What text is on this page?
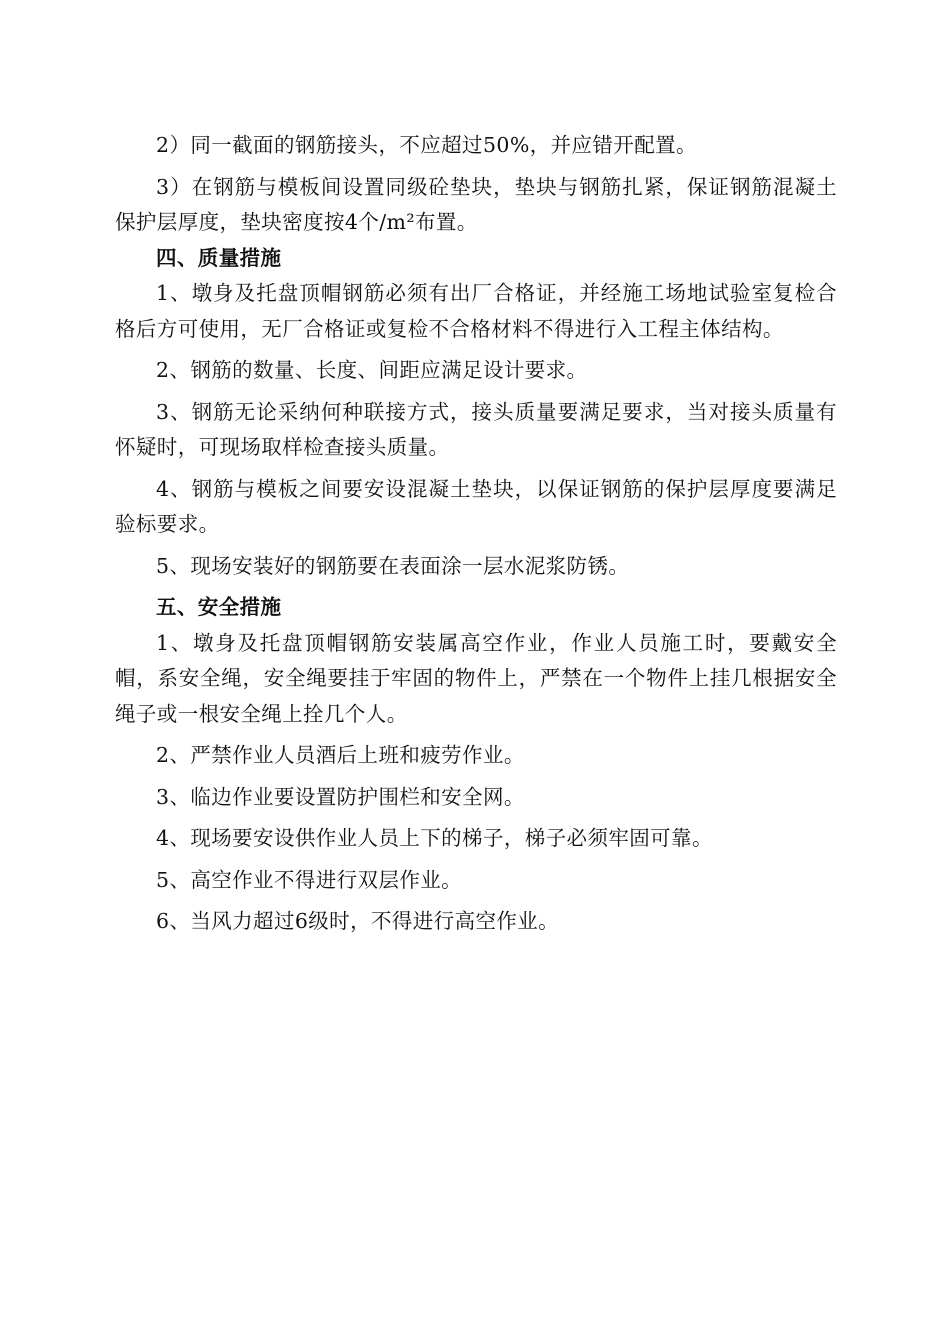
2）同一截面的钢筋接头，不应超过50%，并应错开配置。

3）在钢筋与模板间设置同级砼垫块，垫块与钢筋扎紧，保证钢筋混凝土保护层厚度，垫块密度按4个/m²布置。

四、质量措施

1、墩身及托盘顶帽钢筋必须有出厂合格证，并经施工场地试验室复检合格后方可使用，无厂合格证或复检不合格材料不得进行入工程主体结构。

2、钢筋的数量、长度、间距应满足设计要求。

3、钢筋无论采纳何种联接方式，接头质量要满足要求，当对接头质量有怀疑时，可现场取样检查接头质量。

4、钢筋与模板之间要安设混凝土垫块，以保证钢筋的保护层厚度要满足验标要求。

5、现场安装好的钢筋要在表面涂一层水泥浆防锈。

五、安全措施

1、墩身及托盘顶帽钢筋安装属高空作业，作业人员施工时，要戴安全帽，系安全绳，安全绳要挂于牢固的物件上，严禁在一个物件上挂几根据安全绳子或一根安全绳上拴几个人。

2、严禁作业人员酒后上班和疲劳作业。

3、临边作业要设置防护围栏和安全网。

4、现场要安设供作业人员上下的梯子，梯子必须牢固可靠。

5、高空作业不得进行双层作业。

6、当风力超过6级时，不得进行高空作业。
